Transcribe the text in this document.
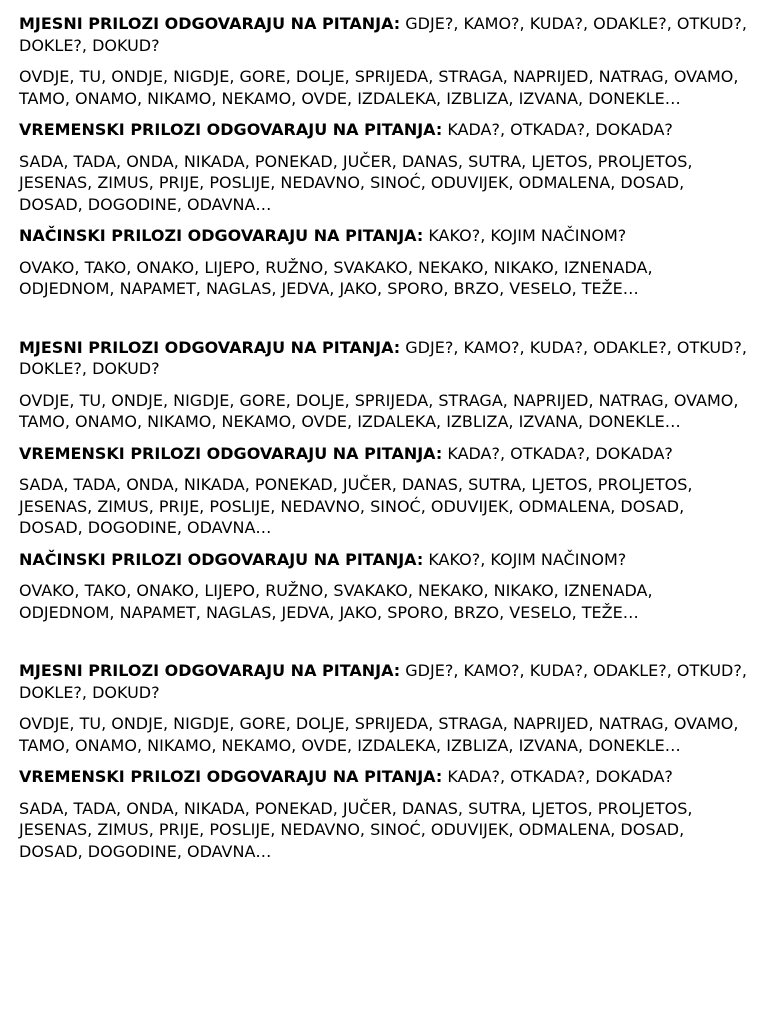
MJESNI PRILOZI ODGOVARAJU NA PITANJA: GDJE?, KAMO?, KUDA?, ODAKLE?, OTKUD?, DOKLE?, DOKUD?

OVDJE, TU, ONDJE, NIGDJE, GORE, DOLJE, SPRIJEDA, STRAGA, NAPRIJED, NATRAG, OVAMO, TAMO, ONAMO, NIKAMO, NEKAMO, OVDE, IZDALEKA, IZBLIZA, IZVANA, DONEKLE…

VREMENSKI PRILOZI ODGOVARAJU NA PITANJA: KADA?, OTKADA?, DOKADA?

SADA, TADA, ONDA, NIKADA, PONEKAD, JUČER, DANAS, SUTRA, LJETOS, PROLJETOS, JESENAS, ZIMUS, PRIJE, POSLIJE, NEDAVNO, SINOĆ, ODUVIJEK, ODMALENA, DOSAD, DOSAD, DOGODINE, ODAVNA…

NAČINSKI PRILOZI ODGOVARAJU NA PITANJA: KAKO?, KOJIM NAČINOM?

OVAKO, TAKO, ONAKO, LIJEPO, RUŽNO, SVAKAKO, NEKAKO, NIKAKO, IZNENADA, ODJEDNOM, NAPAMET, NAGLAS, JEDVA, JAKO, SPORO, BRZO, VESELO, TEŽE…

MJESNI PRILOZI ODGOVARAJU NA PITANJA: GDJE?, KAMO?, KUDA?, ODAKLE?, OTKUD?, DOKLE?, DOKUD?

OVDJE, TU, ONDJE, NIGDJE, GORE, DOLJE, SPRIJEDA, STRAGA, NAPRIJED, NATRAG, OVAMO, TAMO, ONAMO, NIKAMO, NEKAMO, OVDE, IZDALEKA, IZBLIZA, IZVANA, DONEKLE…

VREMENSKI PRILOZI ODGOVARAJU NA PITANJA: KADA?, OTKADA?, DOKADA?

SADA, TADA, ONDA, NIKADA, PONEKAD, JUČER, DANAS, SUTRA, LJETOS, PROLJETOS, JESENAS, ZIMUS, PRIJE, POSLIJE, NEDAVNO, SINOĆ, ODUVIJEK, ODMALENA, DOSAD, DOSAD, DOGODINE, ODAVNA…

NAČINSKI PRILOZI ODGOVARAJU NA PITANJA: KAKO?, KOJIM NAČINOM?

OVAKO, TAKO, ONAKO, LIJEPO, RUŽNO, SVAKAKO, NEKAKO, NIKAKO, IZNENADA, ODJEDNOM, NAPAMET, NAGLAS, JEDVA, JAKO, SPORO, BRZO, VESELO, TEŽE…

MJESNI PRILOZI ODGOVARAJU NA PITANJA: GDJE?, KAMO?, KUDA?, ODAKLE?, OTKUD?, DOKLE?, DOKUD?

OVDJE, TU, ONDJE, NIGDJE, GORE, DOLJE, SPRIJEDA, STRAGA, NAPRIJED, NATRAG, OVAMO, TAMO, ONAMO, NIKAMO, NEKAMO, OVDE, IZDALEKA, IZBLIZA, IZVANA, DONEKLE…

VREMENSKI PRILOZI ODGOVARAJU NA PITANJA: KADA?, OTKADA?, DOKADA?

SADA, TADA, ONDA, NIKADA, PONEKAD, JUČER, DANAS, SUTRA, LJETOS, PROLJETOS, JESENAS, ZIMUS, PRIJE, POSLIJE, NEDAVNO, SINOĆ, ODUVIJEK, ODMALENA, DOSAD, DOSAD, DOGODINE, ODAVNA…
